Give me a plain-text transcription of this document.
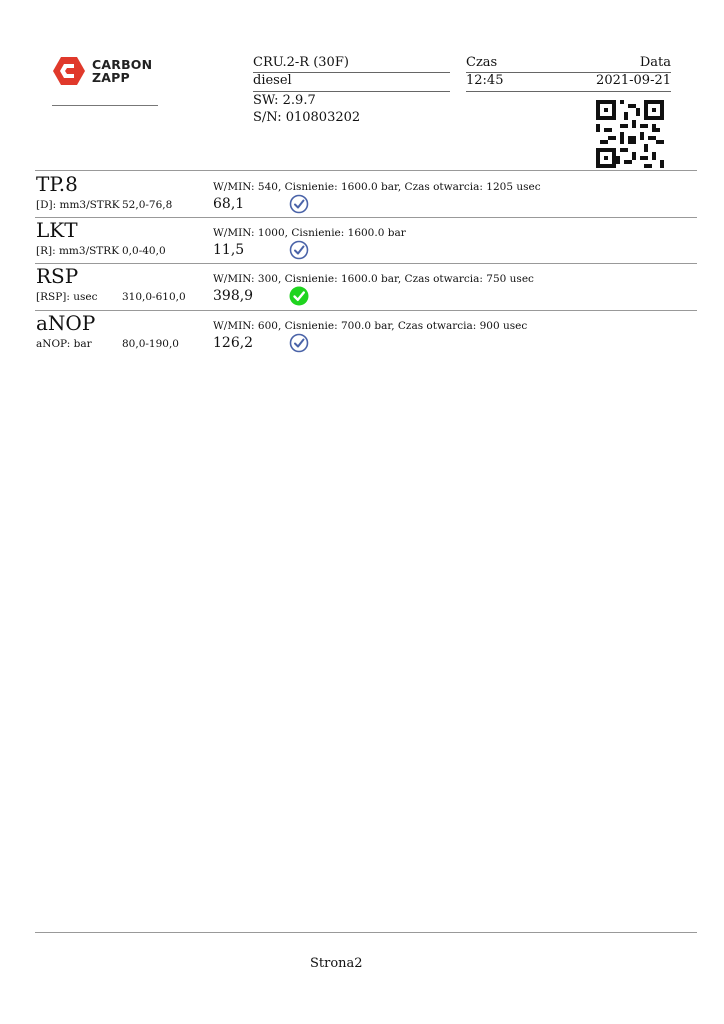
CARBON
ZAPP
CRU.2-R (30F)
diesel
SW: 2.9.7
S/N: 010803202
Czas	Data
12:45	2021-09-21
TP.8
[D]: mm3/STRK 52,0-76,8
W/MIN: 540, Cisnienie: 1600.0 bar, Czas otwarcia: 1205 usec
68,1
LKT
[R]: mm3/STRK 0,0-40,0
W/MIN: 1000, Cisnienie: 1600.0 bar
11,5
RSP
[RSP]: usec 310,0-610,0
W/MIN: 300, Cisnienie: 1600.0 bar, Czas otwarcia: 750 usec
398,9
aNOP
aNOP: bar	80,0-190,0
W/MIN: 600, Cisnienie: 700.0 bar, Czas otwarcia: 900 usec
126,2
Strona2
